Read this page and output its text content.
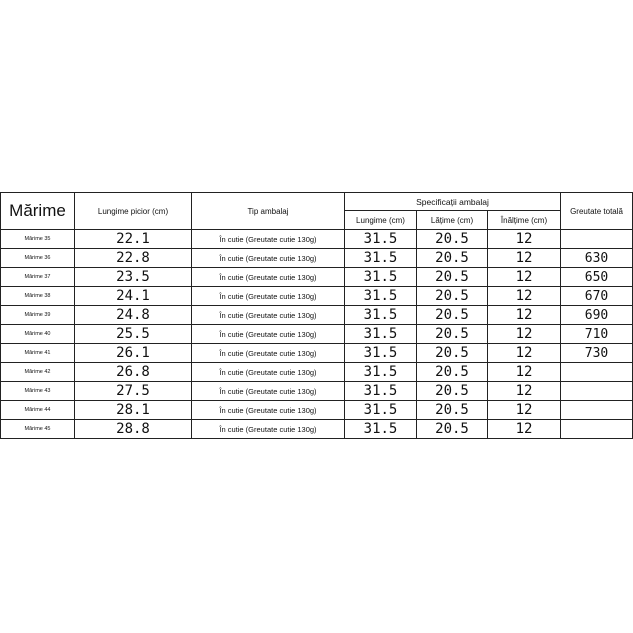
Mărime	Lungime picior (cm)	Tip ambalaj	Specificații ambalaj			Greutate totală
			Lungime (cm)	Lățime (cm)	Înălțime (cm)	
Mărime 35	22.1	În cutie (Greutate cutie 130g)	31.5	20.5	12	
Mărime 36	22.8	În cutie (Greutate cutie 130g)	31.5	20.5	12	630
Mărime 37	23.5	În cutie (Greutate cutie 130g)	31.5	20.5	12	650
Mărime 38	24.1	În cutie (Greutate cutie 130g)	31.5	20.5	12	670
Mărime 39	24.8	În cutie (Greutate cutie 130g)	31.5	20.5	12	690
Mărime 40	25.5	În cutie (Greutate cutie 130g)	31.5	20.5	12	710
Mărime 41	26.1	În cutie (Greutate cutie 130g)	31.5	20.5	12	730
Mărime 42	26.8	În cutie (Greutate cutie 130g)	31.5	20.5	12	
Mărime 43	27.5	În cutie (Greutate cutie 130g)	31.5	20.5	12	
Mărime 44	28.1	În cutie (Greutate cutie 130g)	31.5	20.5	12	
Mărime 45	28.8	În cutie (Greutate cutie 130g)	31.5	20.5	12	
